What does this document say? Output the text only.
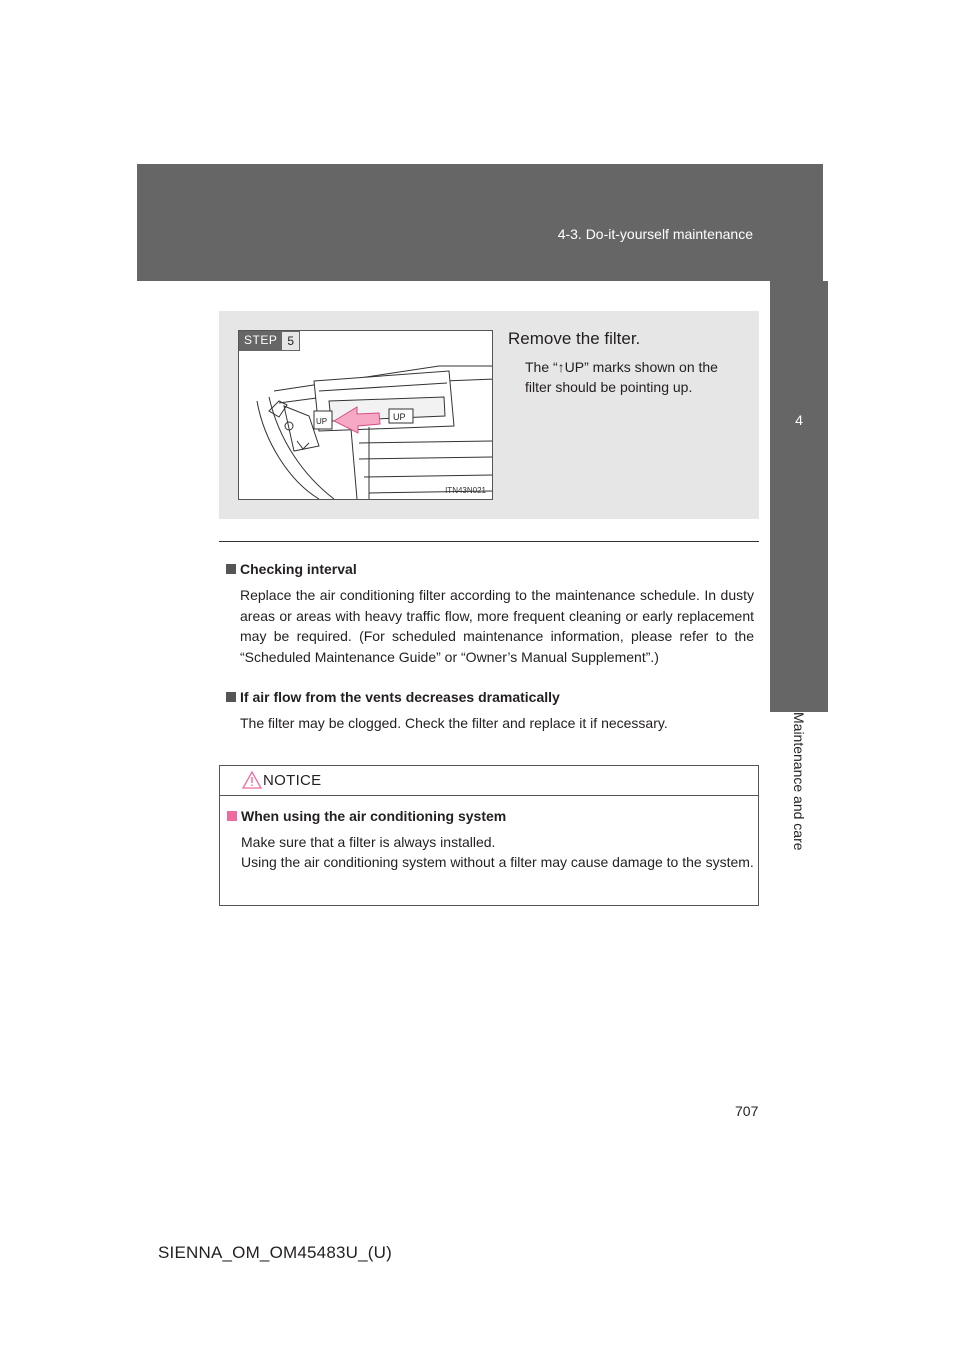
4-3. Do-it-yourself maintenance
4
Maintenance and care
STEP 5
UP	UP
ITN43N021
Remove the filter.
The “↑UP” marks shown on the filter should be pointing up.

Checking interval

Replace the air conditioning filter according to the maintenance schedule. In dusty areas or areas with heavy traffic flow, more frequent cleaning or early replacement may be required. (For scheduled maintenance information, please refer to the “Scheduled Maintenance Guide” or “Owner’s Manual Supplement”.)

If air flow from the vents decreases dramatically

The filter may be clogged. Check the filter and replace it if necessary.
NOTICE

When using the air conditioning system

Make sure that a filter is always installed.

Using the air conditioning system without a filter may cause damage to the system.

707
SIENNA_OM_OM45483U_(U)
